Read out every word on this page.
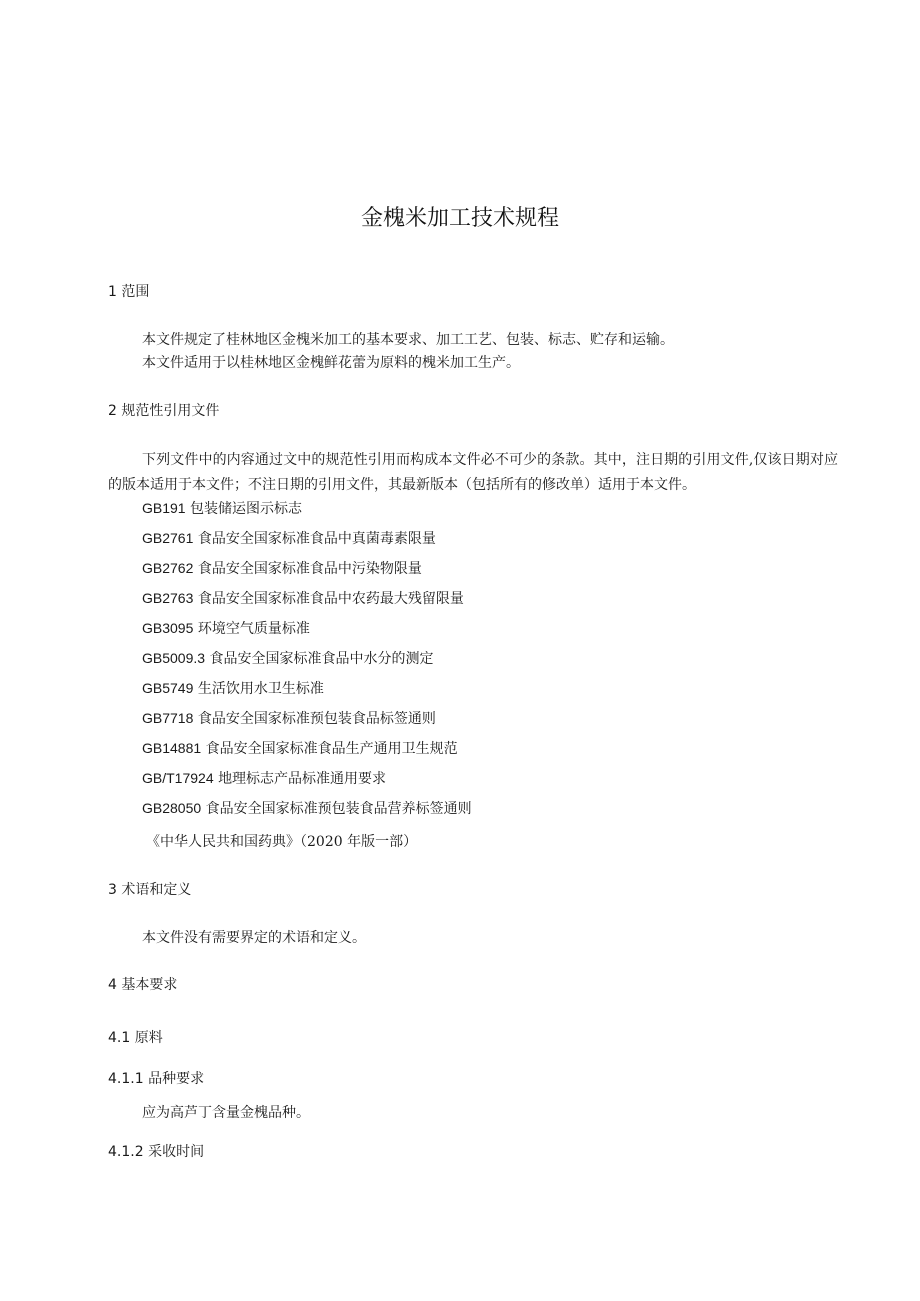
金槐米加工技术规程
1 范围
本文件规定了桂林地区金槐米加工的基本要求、加工工艺、包装、标志、贮存和运输。
本文件适用于以桂林地区金槐鲜花蕾为原料的槐米加工生产。
2 规范性引用文件
下列文件中的内容通过文中的规范性引用而构成本文件必不可少的条款。其中，注日期的引用文件,仅该日期对应的版本适用于本文件；不注日期的引用文件，其最新版本（包括所有的修改单）适用于本文件。
GB191 包装储运图示标志
GB2761 食品安全国家标准食品中真菌毒素限量
GB2762 食品安全国家标准食品中污染物限量
GB2763 食品安全国家标准食品中农药最大残留限量
GB3095 环境空气质量标准
GB5009.3 食品安全国家标准食品中水分的测定
GB5749 生活饮用水卫生标准
GB7718 食品安全国家标准预包装食品标签通则
GB14881 食品安全国家标准食品生产通用卫生规范
GB/T17924 地理标志产品标准通用要求
GB28050 食品安全国家标准预包装食品营养标签通则
《中华人民共和国药典》（2020 年版一部）
3 术语和定义
本文件没有需要界定的术语和定义。
4 基本要求
4.1 原料
4.1.1 品种要求
应为高芦丁含量金槐品种。
4.1.2 采收时间
